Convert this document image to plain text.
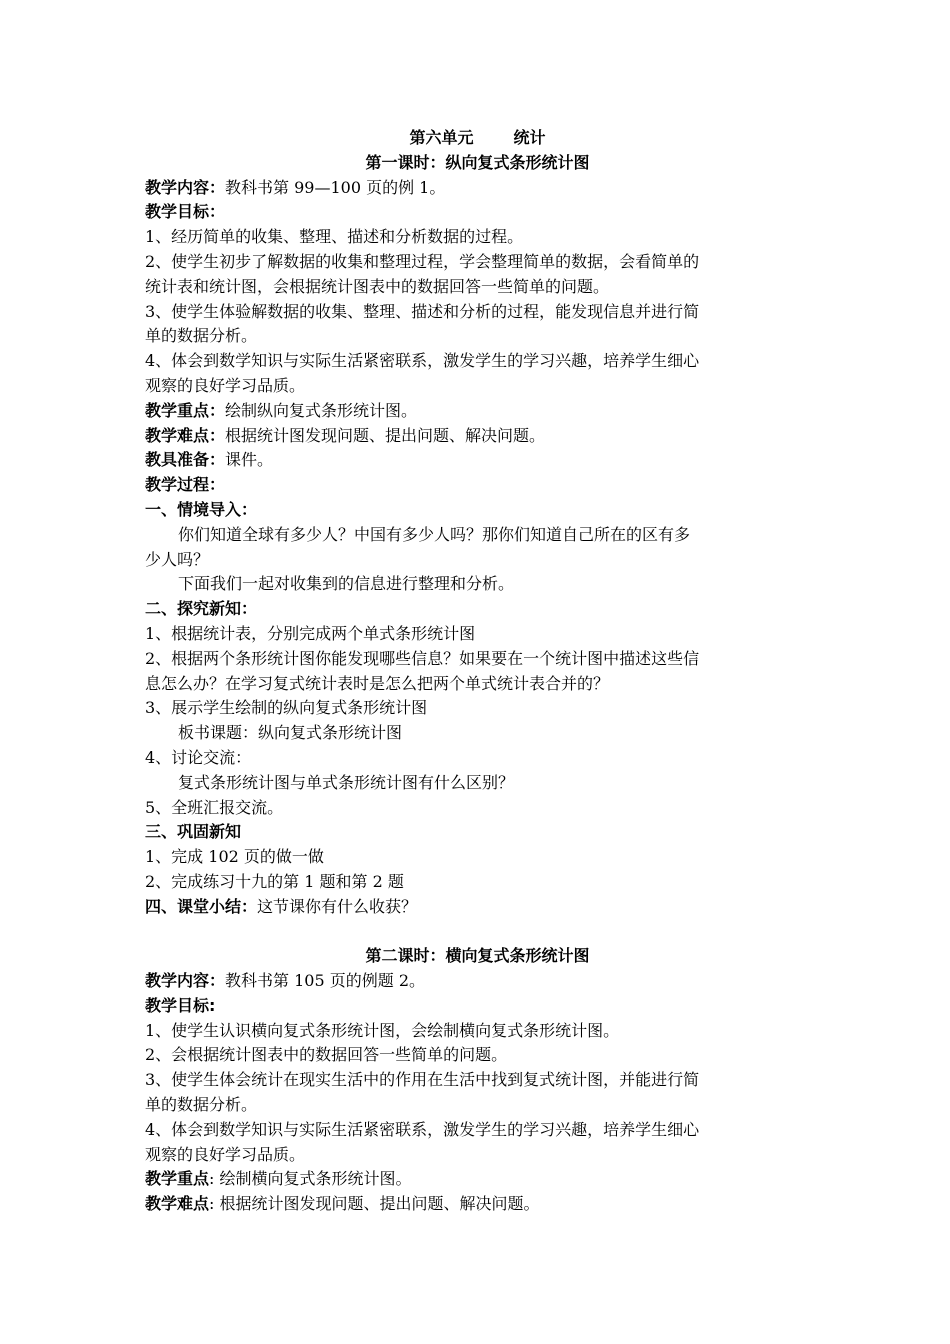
第六单元	统计
第一课时：纵向复式条形统计图
教学内容：教科书第 99—100 页的例 1。
教学目标：
1、经历简单的收集、整理、描述和分析数据的过程。
2、使学生初步了解数据的收集和整理过程，学会整理简单的数据，会看简单的
统计表和统计图，会根据统计图表中的数据回答一些简单的问题。
3、使学生体验解数据的收集、整理、描述和分析的过程，能发现信息并进行简
单的数据分析。
4、体会到数学知识与实际生活紧密联系，激发学生的学习兴趣，培养学生细心
观察的良好学习品质。
教学重点：绘制纵向复式条形统计图。
教学难点：根据统计图发现问题、提出问题、解决问题。
教具准备：课件。
教学过程：
一、情境导入：
你们知道全球有多少人？中国有多少人吗？那你们知道自己所在的区有多
少人吗？
下面我们一起对收集到的信息进行整理和分析。
二、探究新知：
1、根据统计表，分别完成两个单式条形统计图
2、根据两个条形统计图你能发现哪些信息？如果要在一个统计图中描述这些信
息怎么办？在学习复式统计表时是怎么把两个单式统计表合并的？
3、展示学生绘制的纵向复式条形统计图
板书课题：纵向复式条形统计图
4、讨论交流：
复式条形统计图与单式条形统计图有什么区别？
5、全班汇报交流。
三、巩固新知
1、完成 102 页的做一做
2、完成练习十九的第 1 题和第 2 题
四、课堂小结：这节课你有什么收获？
第二课时：横向复式条形统计图
教学内容：教科书第 105 页的例题 2。
教学目标:
1、使学生认识横向复式条形统计图，会绘制横向复式条形统计图。
2、会根据统计图表中的数据回答一些简单的问题。
3、使学生体会统计在现实生活中的作用在生活中找到复式统计图，并能进行简
单的数据分析。
4、体会到数学知识与实际生活紧密联系，激发学生的学习兴趣，培养学生细心
观察的良好学习品质。
教学重点: 绘制横向复式条形统计图。
教学难点: 根据统计图发现问题、提出问题、解决问题。
